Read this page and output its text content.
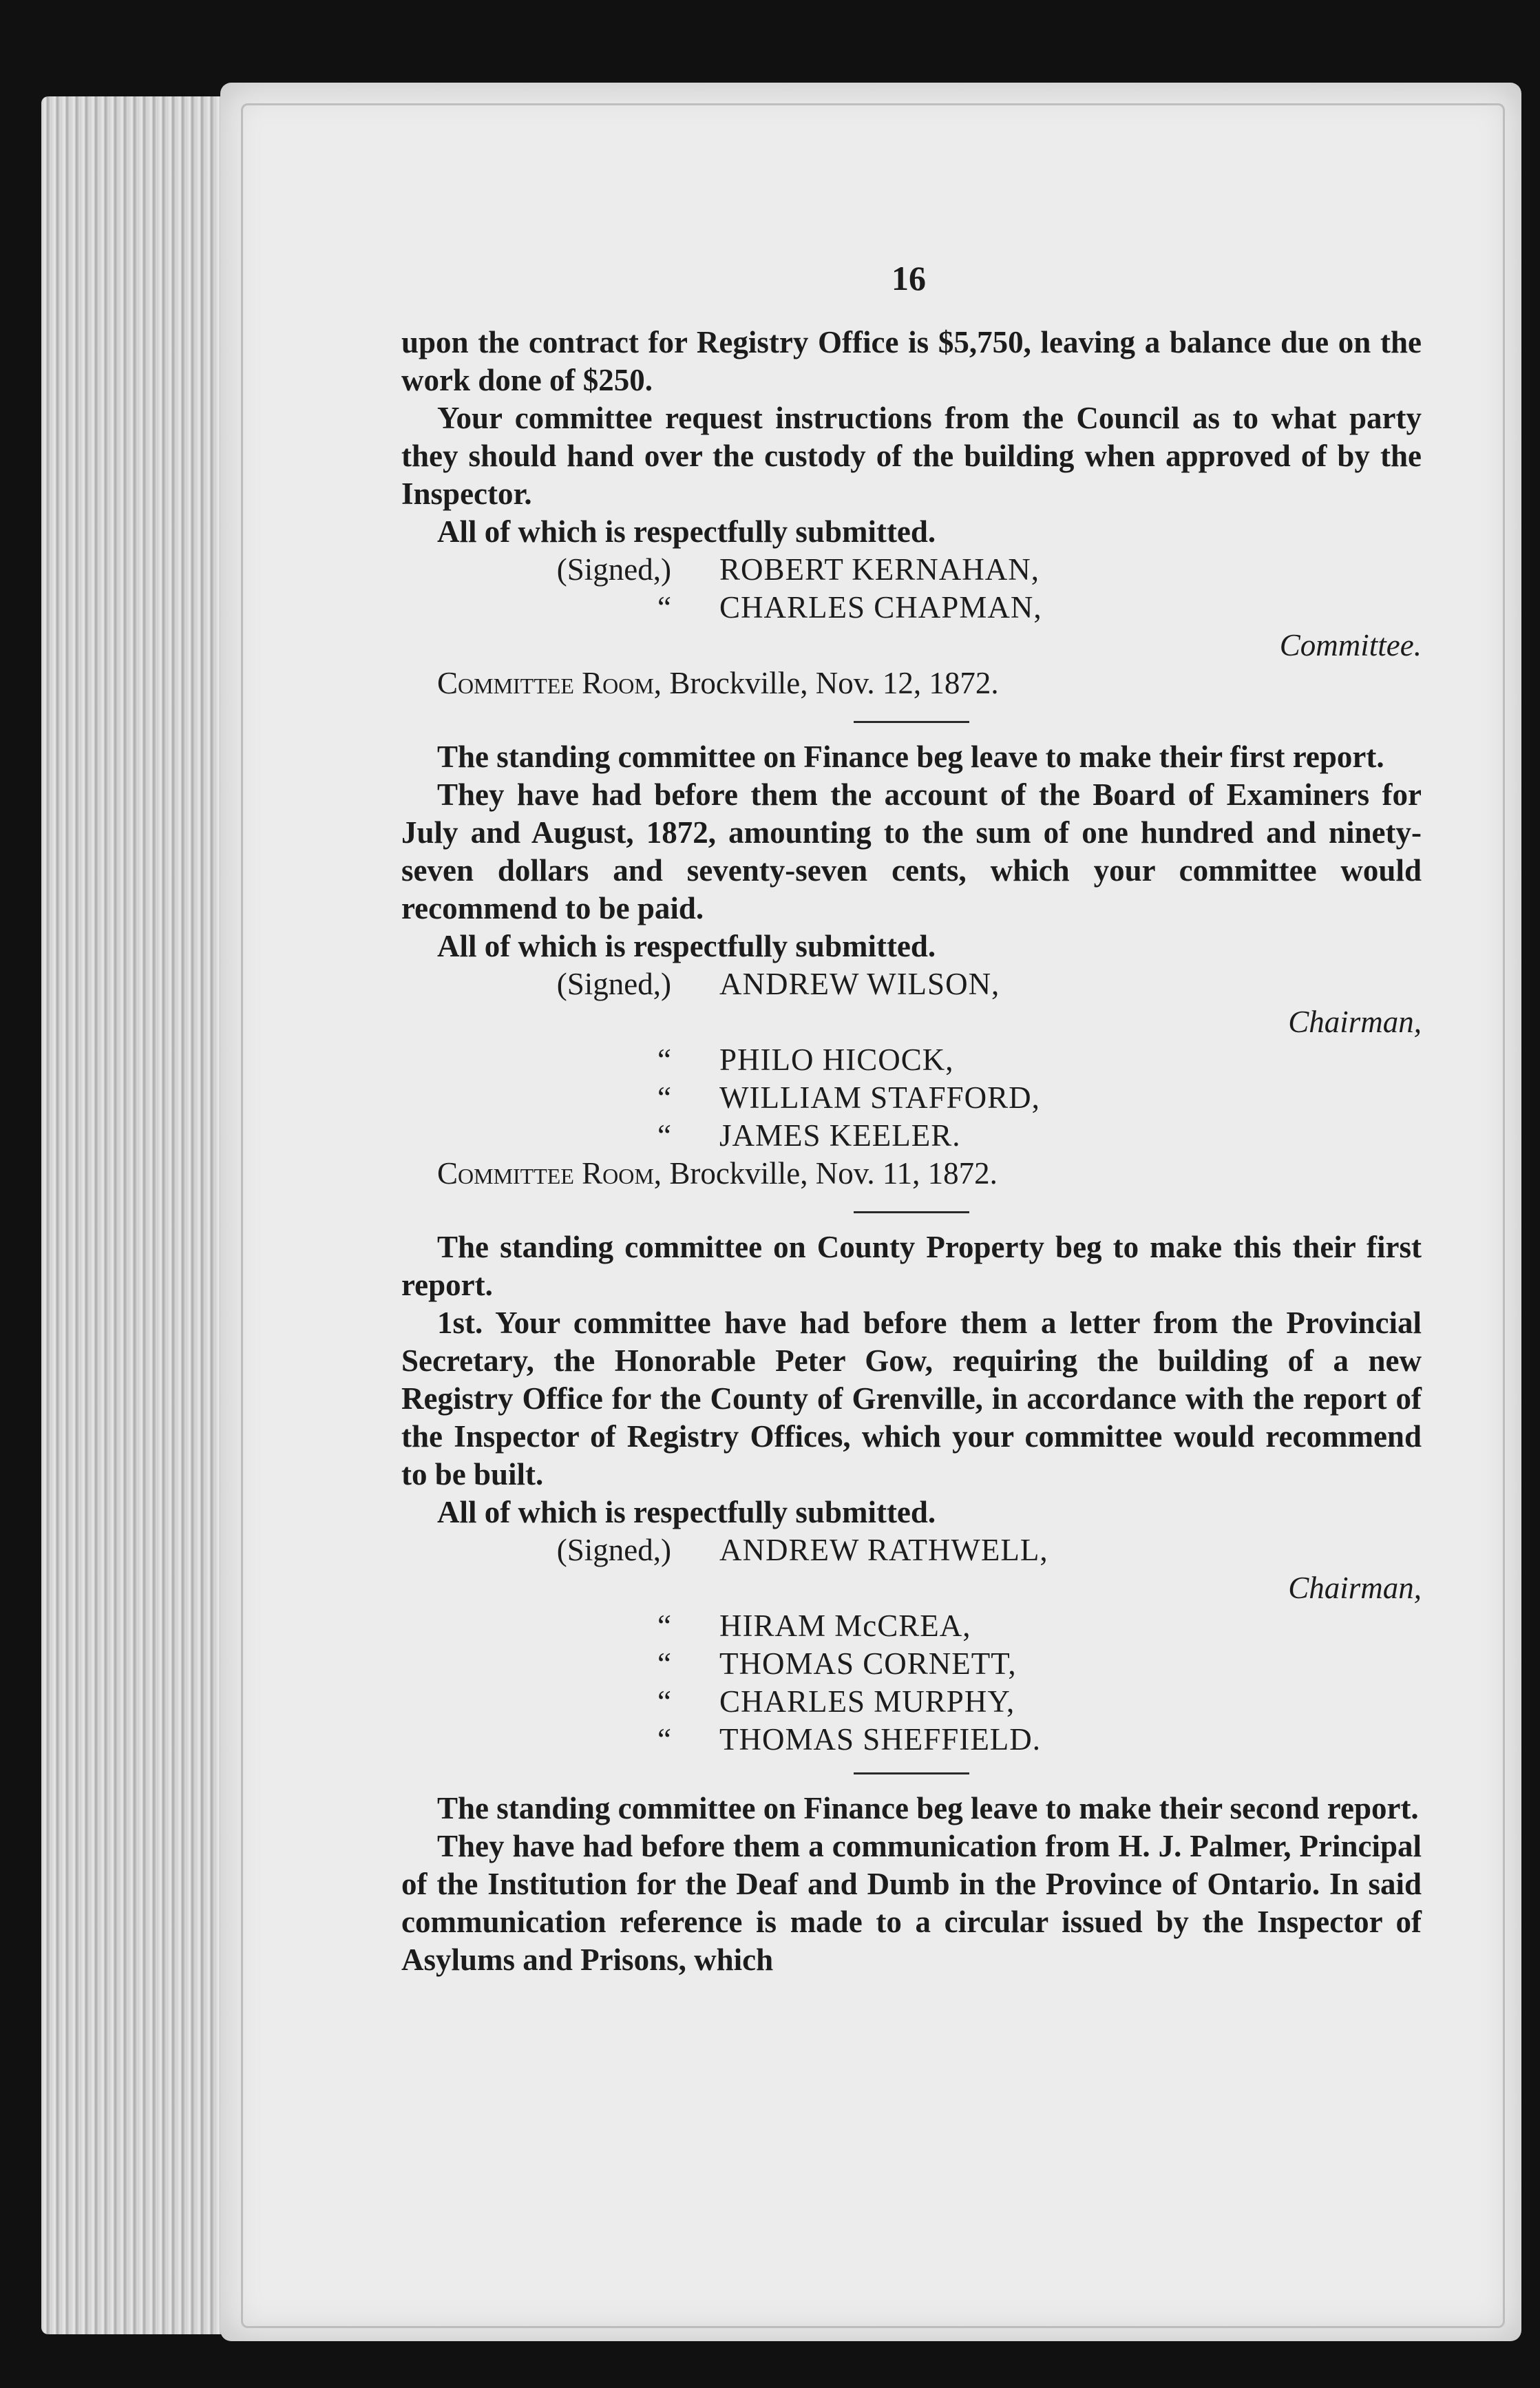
16

upon the contract for Registry Office is $5,750, leaving a balance due on the work done of $250.

Your committee request instructions from the Council as to what party they should hand over the custody of the building when approved of by the Inspector.

All of which is respectfully submitted.

(Signed,)	ROBERT KERNAHAN,
“	CHARLES CHAPMAN,
Committee.
Committee Room, Brockville, Nov. 12, 1872.

The standing committee on Finance beg leave to make their first report.

They have had before them the account of the Board of Examiners for July and August, 1872, amounting to the sum of one hundred and ninety-seven dollars and seventy-seven cents, which your committee would recommend to be paid.

All of which is respectfully submitted.

(Signed,)	ANDREW WILSON,
Chairman,
“	PHILO HICOCK,
“	WILLIAM STAFFORD,
“	JAMES KEELER.
Committee Room, Brockville, Nov. 11, 1872.

The standing committee on County Property beg to make this their first report.

1st. Your committee have had before them a letter from the Provincial Secretary, the Honorable Peter Gow, requiring the building of a new Registry Office for the County of Grenville, in accordance with the report of the Inspector of Registry Offices, which your committee would recommend to be built.

All of which is respectfully submitted.

(Signed,)	ANDREW RATHWELL,
Chairman,
“	HIRAM McCREA,
“	THOMAS CORNETT,
“	CHARLES MURPHY,
“	THOMAS SHEFFIELD.

The standing committee on Finance beg leave to make their second report.

They have had before them a communication from H. J. Palmer, Principal of the Institution for the Deaf and Dumb in the Province of Ontario. In said communication reference is made to a circular issued by the Inspector of Asylums and Prisons, which
